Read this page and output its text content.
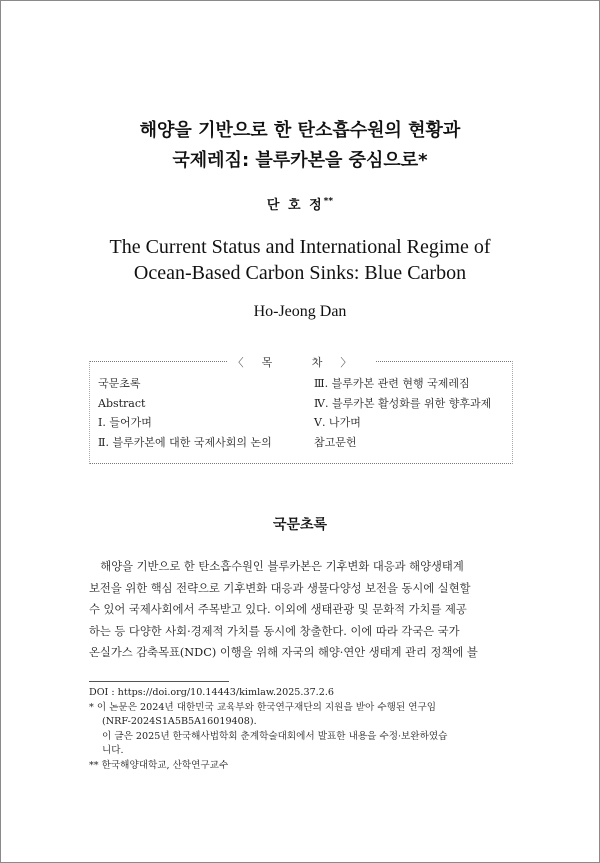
해양을 기반으로 한 탄소흡수원의 현황과
국제레짐: 블루카본을 중심으로*
단 호 정**
The Current Status and International Regime of
Ocean-Based Carbon Sinks: Blue Carbon
Ho-Jeong Dan
〈목 차〉
국문초록
Abstract
Ⅰ. 들어가며
Ⅱ. 블루카본에 대한 국제사회의 논의
Ⅲ. 블루카본 관련 현행 국제레짐
Ⅳ. 블루카본 활성화를 위한 향후과제
Ⅴ. 나가며
참고문헌
국문초록
　해양을 기반으로 한 탄소흡수원인 블루카본은 기후변화 대응과 해양생태계
보전을 위한 핵심 전략으로 기후변화 대응과 생물다양성 보전을 동시에 실현할
수 있어 국제사회에서 주목받고 있다. 이외에 생태관광 및 문화적 가치를 제공
하는 등 다양한 사회·경제적 가치를 동시에 창출한다. 이에 따라 각국은 국가
온실가스 감축목표(NDC) 이행을 위해 자국의 해양·연안 생태계 관리 정책에 블
DOI : https://doi.org/10.14443/kimlaw.2025.37.2.6
* 이 논문은 2024년 대한민국 교육부와 한국연구재단의 지원을 받아 수행된 연구임
(NRF-2024S1A5B5A16019408).
이 글은 2025년 한국해사법학회 춘계학술대회에서 발표한 내용을 수정·보완하였습
니다.
** 한국해양대학교, 산학연구교수
